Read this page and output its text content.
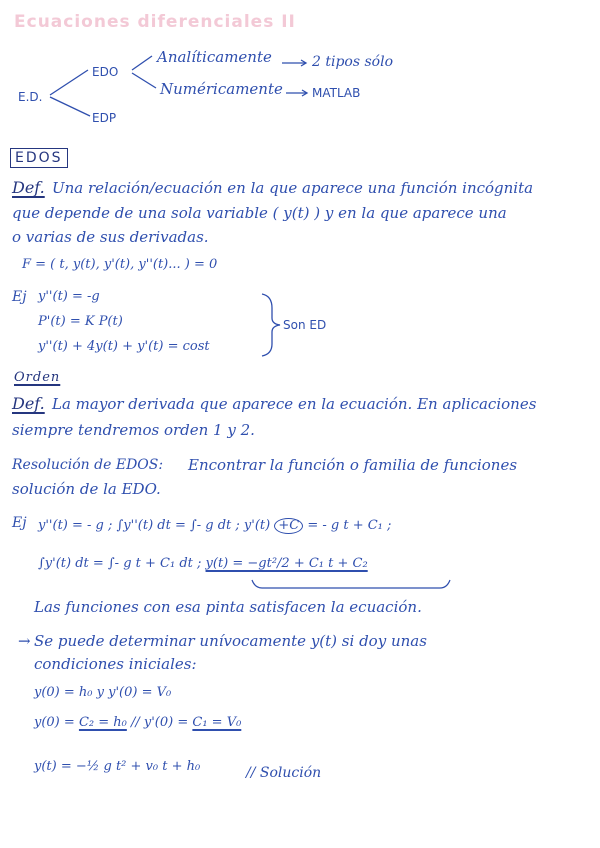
Ecuaciones diferenciales II
E.D.
EDO
EDP
Analíticamente	2 tipos sólo
Numéricamente MATLAB
EDOS
Def. Una relación/ecuación en la que aparece una función incógnita
que depende de una sola variable ( y(t) ) y en la que aparece una
o varias de sus derivadas.
F = ( t, y(t), y'(t), y''(t)... ) = 0
Ej y''(t) = -g
P'(t) = K P(t)
y''(t) + 4y(t) + y'(t) = cost
Son ED
Orden
Def. La mayor derivada que aparece en la ecuación. En aplicaciones
siempre tendremos orden 1 y 2.
Resolución de EDOS: Encontrar la función o familia de funciones
solución de la EDO.
Ej y''(t) = - g ; ∫y''(t) dt = ∫- g dt ; y'(t) +C = - g t + C₁ ;
∫y'(t) dt = ∫- g t + C₁ dt ; y(t) = −gt²/2 + C₁ t + C₂
Las funciones con esa pinta satisfacen la ecuación.
→ Se puede determinar unívocamente y(t) si doy unas
condiciones iniciales:
y(0) = h₀ y y'(0) = V₀
y(0) = C₂ = h₀ // y'(0) = C₁ = V₀
y(t) = −½ g t² + v₀ t + h₀	// Solución
